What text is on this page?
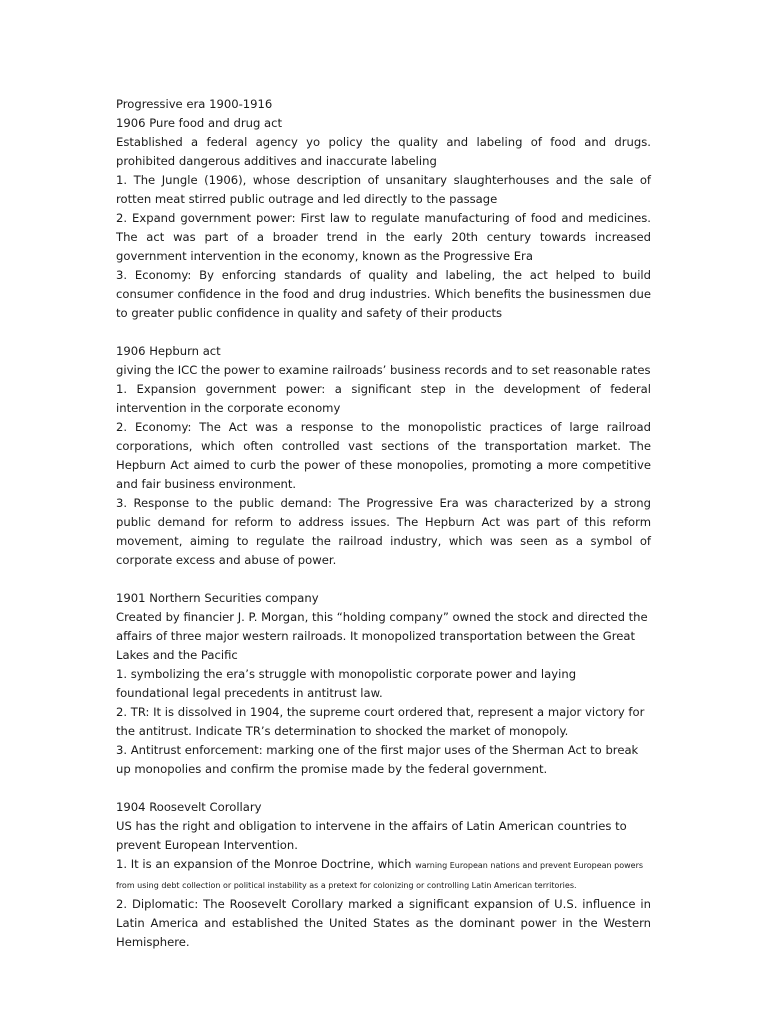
Progressive era 1900-1916
1906 Pure food and drug act
Established a federal agency yo policy the quality and labeling of food and drugs. prohibited dangerous additives and inaccurate labeling
1. The Jungle (1906), whose description of unsanitary slaughterhouses and the sale of rotten meat stirred public outrage and led directly to the passage
2. Expand government power: First law to regulate manufacturing of food and medicines. The act was part of a broader trend in the early 20th century towards increased government intervention in the economy, known as the Progressive Era
3. Economy: By enforcing standards of quality and labeling, the act helped to build consumer confidence in the food and drug industries. Which benefits the businessmen due to greater public confidence in quality and safety of their products
1906 Hepburn act
giving the ICC the power to examine railroads’ business records and to set reasonable rates
1. Expansion government power: a significant step in the development of federal intervention in the corporate economy
2. Economy: The Act was a response to the monopolistic practices of large railroad corporations, which often controlled vast sections of the transportation market. The Hepburn Act aimed to curb the power of these monopolies, promoting a more competitive and fair business environment.
3. Response to the public demand: The Progressive Era was characterized by a strong public demand for reform to address issues. The Hepburn Act was part of this reform movement, aiming to regulate the railroad industry, which was seen as a symbol of corporate excess and abuse of power.
1901 Northern Securities company
Created by financier J. P. Morgan, this “holding company” owned the stock and directed the affairs of three major western railroads. It monopolized transportation between the Great Lakes and the Pacific
1. symbolizing the era’s struggle with monopolistic corporate power and laying foundational legal precedents in antitrust law.
2. TR: It is dissolved in 1904, the supreme court ordered that, represent a major victory for the antitrust. Indicate TR’s determination to shocked the market of monopoly.
3. Antitrust enforcement: marking one of the first major uses of the Sherman Act to break up monopolies and confirm the promise made by the federal government.
1904 Roosevelt Corollary
US has the right and obligation to intervene in the affairs of Latin American countries to prevent European Intervention.
1. It is an expansion of the Monroe Doctrine, which warning European nations and prevent European powers from using debt collection or political instability as a pretext for colonizing or controlling Latin American territories.
2. Diplomatic: The Roosevelt Corollary marked a significant expansion of U.S. influence in Latin America and established the United States as the dominant power in the Western Hemisphere.
